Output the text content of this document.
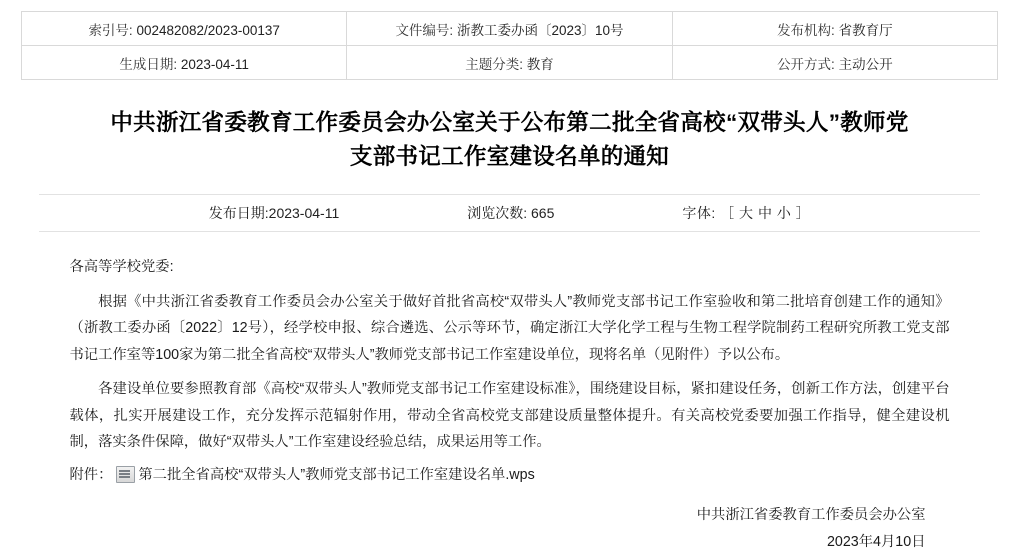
索引号: 002482082/2023-00137	文件编号: 浙教工委办函〔2023〕10号	发布机构: 省教育厅
生成日期: 2023-04-11	主题分类: 教育	公开方式: 主动公开
中共浙江省委教育工作委员会办公室关于公布第二批全省高校“双带头人”教师党
支部书记工作室建设名单的通知
发布日期:2023-04-11	浏览次数: 665	字体: ［ 大 中 小 ］

各高等学校党委:

根据《中共浙江省委教育工作委员会办公室关于做好首批省高校“双带头人”教师党支部书记工作室验收和第二批培育创建工作的通知》（浙教工委办函〔2022〕12号），经学校申报、综合遴选、公示等环节，确定浙江大学化学工程与生物工程学院制药工程研究所教工党支部书记工作室等100家为第二批全省高校“双带头人”教师党支部书记工作室建设单位，现将名单（见附件）予以公布。

各建设单位要参照教育部《高校“双带头人”教师党支部书记工作室建设标准》，围绕建设目标，紧扣建设任务，创新工作方法，创建平台载体，扎实开展建设工作，充分发挥示范辐射作用，带动全省高校党支部建设质量整体提升。有关高校党委要加强工作指导，健全建设机制，落实条件保障，做好“双带头人”工作室建设经验总结，成果运用等工作。

附件： 第二批全省高校“双带头人”教师党支部书记工作室建设名单.wps
中共浙江省委教育工作委员会办公室
2023年4月10日
